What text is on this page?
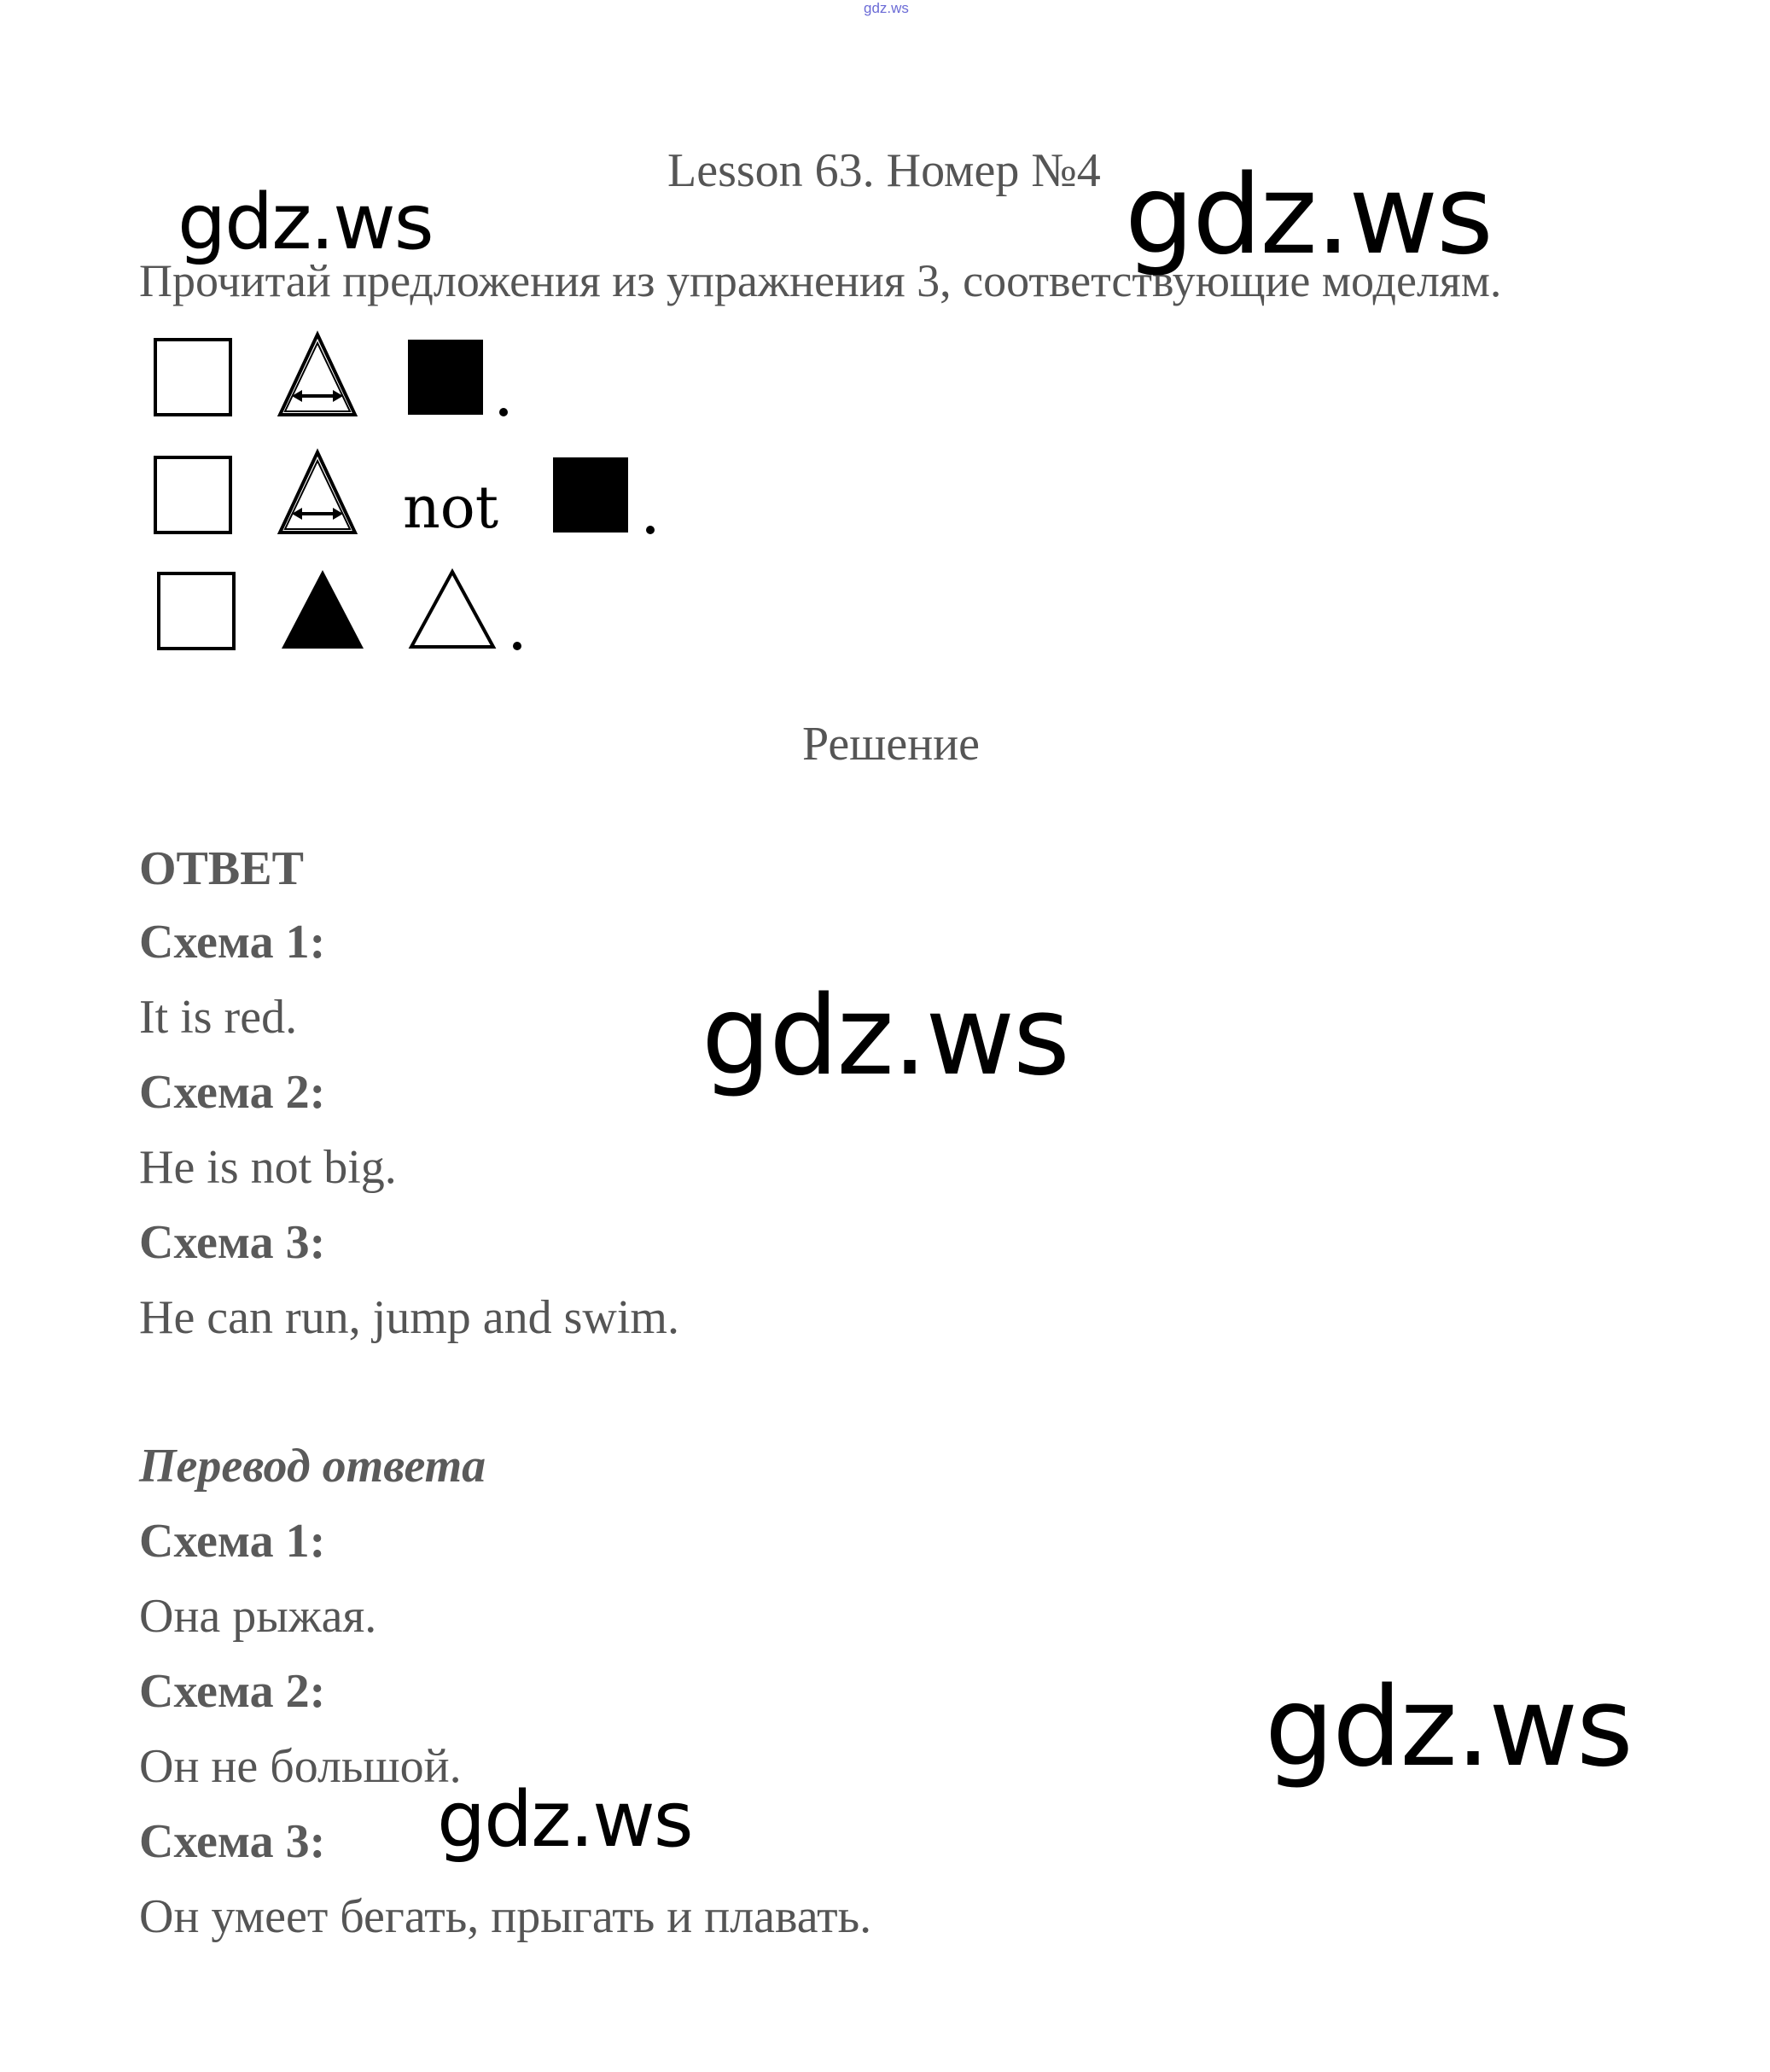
gdz.ws
Lesson 63. Номер №4
Прочитай предложения из упражнения 3, соответствующие моделям.
not
Решение
ОТВЕТ
Схема 1:
It is red.
Схема 2:
He is not big.
Схема 3:
He can run, jump and swim.
Перевод ответа
Схема 1:
Она рыжая.
Схема 2:
Он не большой.
Схема 3:
Он умеет бегать, прыгать и плавать.
gdz.ws	gdz.ws
gdz.ws
gdz.ws
gdz.ws
